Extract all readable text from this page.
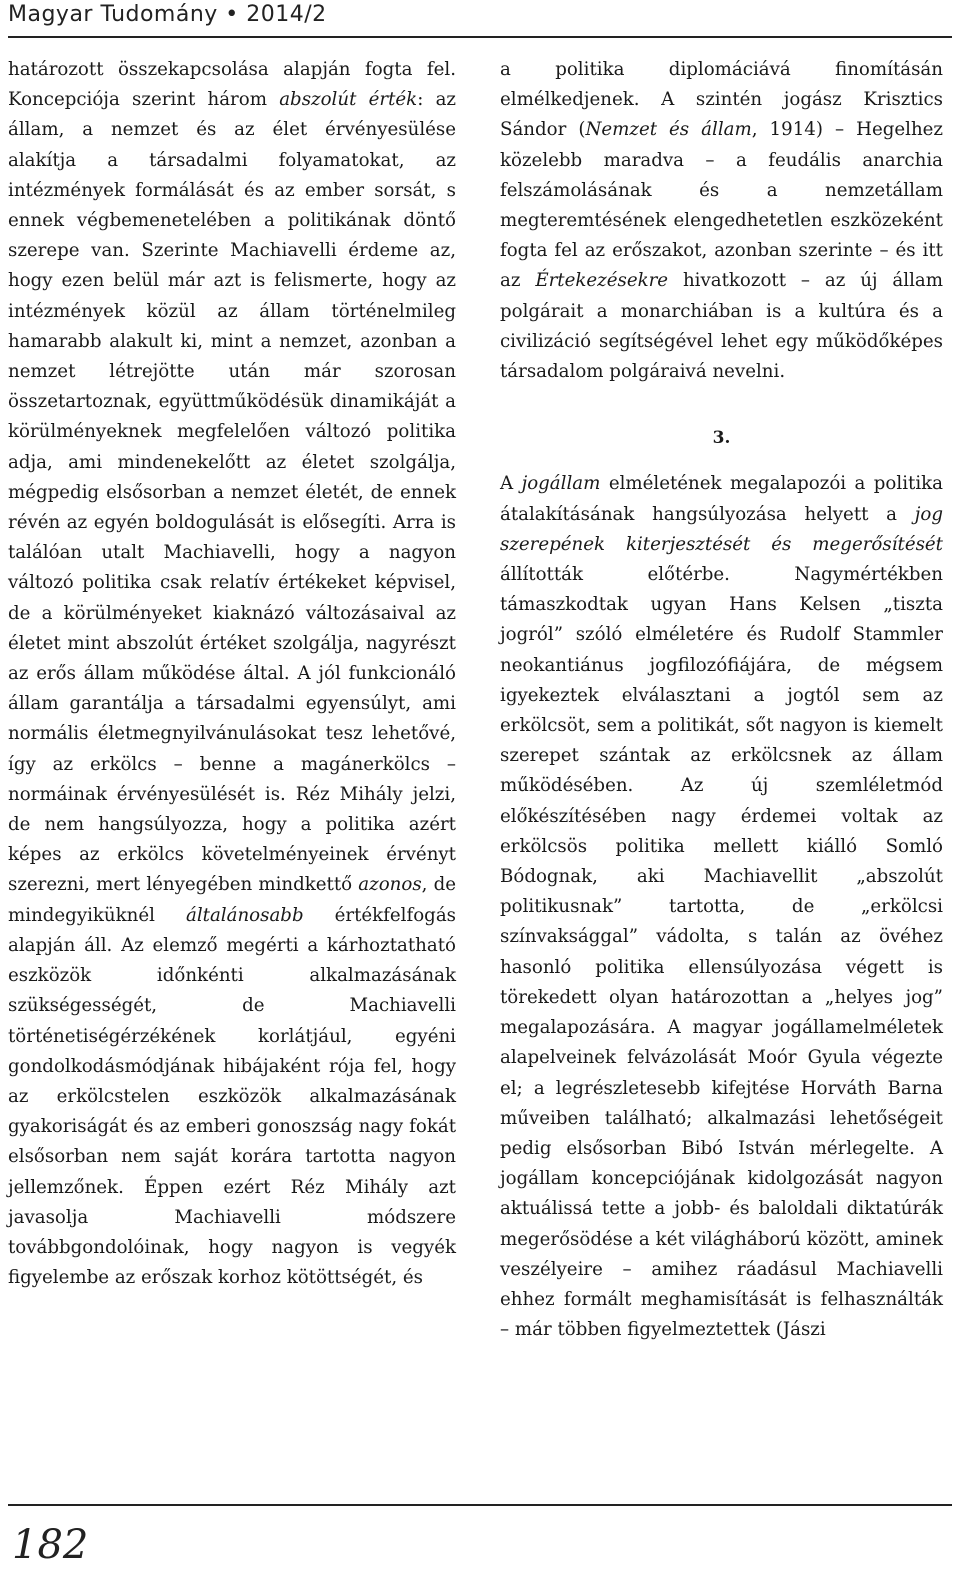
Magyar Tudomány • 2014/2

határozott összekapcsolása alapján fogta fel. Koncepciója szerint három abszolút érték: az állam, a nemzet és az élet érvényesülése alakítja a társadalmi folyamatokat, az intézmények formálását és az ember sorsát, s ennek végbemenetelében a politikának döntő szerepe van. Szerinte Machiavelli érdeme az, hogy ezen belül már azt is felismerte, hogy az intézmények közül az állam történelmileg hamarabb alakult ki, mint a nemzet, azonban a nemzet létrejötte után már szorosan összetartoznak, együttműködésük dinamikáját a körülményeknek megfelelően változó politika adja, ami mindenekelőtt az életet szolgálja, mégpedig elsősorban a nemzet életét, de ennek révén az egyén boldogulását is elősegíti. Arra is találóan utalt Machiavelli, hogy a nagyon változó politika csak relatív értékeket képvisel, de a körülményeket kiaknázó változásaival az életet mint abszolút értéket szolgálja, nagyrészt az erős állam működése által. A jól funkcionáló állam garantálja a társadalmi egyensúlyt, ami normális életmegnyilvánulásokat tesz lehetővé, így az erkölcs – benne a magánerkölcs – normáinak érvényesülését is. Réz Mihály jelzi, de nem hangsúlyozza, hogy a politika azért képes az erkölcs követelményeinek érvényt szerezni, mert lényegében mindkettő azonos, de mindegyiküknél általánosabb értékfelfogás alapján áll. Az elemző megérti a kárhoztatható eszközök időnkénti alkalmazásának szükségességét, de Machiavelli történetiségérzékének korlátjául, egyéni gondolkodásmódjának hibájaként rója fel, hogy az erkölcstelen eszközök alkalmazásának gyakoriságát és az emberi gonoszság nagy fokát elsősorban nem saját korára tartotta nagyon jellemzőnek. Éppen ezért Réz Mihály azt javasolja Machiavelli módszere továbbgondolóinak, hogy nagyon is vegyék figyelembe az erőszak korhoz kötöttségét, és

a politika diplomáciává finomításán elmélkedjenek. A szintén jogász Krisztics Sándor (Nemzet és állam, 1914) – Hegelhez közelebb maradva – a feudális anarchia felszámolásának és a nemzetállam megteremtésének elengedhetetlen eszközeként fogta fel az erőszakot, azonban szerinte – és itt az Értekezésekre hivatkozott – az új állam polgárait a monarchiában is a kultúra és a civilizáció segítségével lehet egy működőképes társadalom polgáraivá nevelni.

3.

A jogállam elméletének megalapozói a politika átalakításának hangsúlyozása helyett a jog szerepének kiterjesztését és megerősítését állították előtérbe. Nagymértékben támaszkodtak ugyan Hans Kelsen „tiszta jogról” szóló elméletére és Rudolf Stammler neokantiánus jogfilozófiájára, de mégsem igyekeztek elválasztani a jogtól sem az erkölcsöt, sem a politikát, sőt nagyon is kiemelt szerepet szántak az erkölcsnek az állam működésében. Az új szemléletmód előkészítésében nagy érdemei voltak az erkölcsös politika mellett kiálló Somló Bódognak, aki Machiavellit „abszolút politikusnak” tartotta, de „erkölcsi színvaksággal” vádolta, s talán az övéhez hasonló politika ellensúlyozása végett is törekedett olyan határozottan a „helyes jog” megalapozására. A magyar jogállamelméletek alapelveinek felvázolását Moór Gyula végezte el; a legrészletesebb kifejtése Horváth Barna műveiben található; alkalmazási lehetőségeit pedig elsősorban Bibó István mérlegelte. A jogállam koncepciójának kidolgozását nagyon aktuálissá tette a jobb- és baloldali diktatúrák megerősödése a két világháború között, aminek veszélyeire – amihez ráadásul Machiavelli ehhez formált meghamisítását is felhasználták – már többen figyelmeztettek (Jászi

182
